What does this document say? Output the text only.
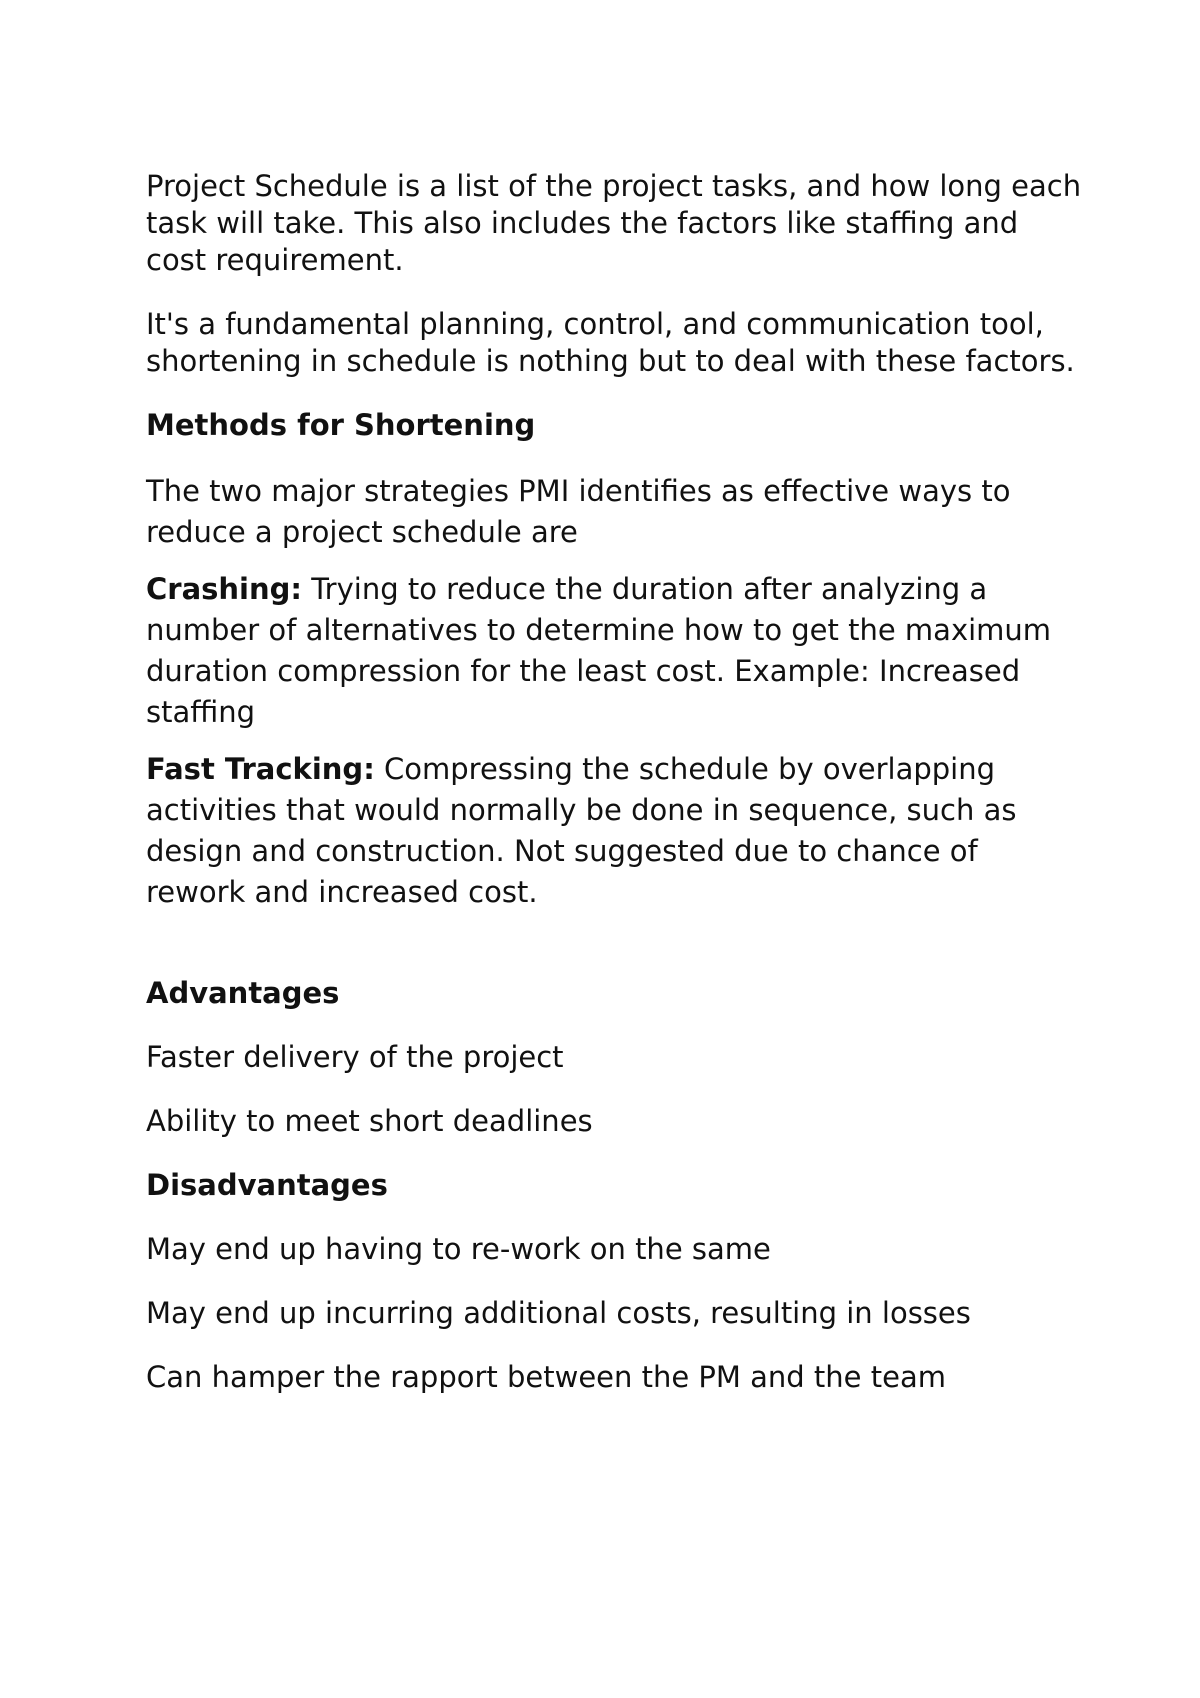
Project Schedule is a list of the project tasks, and how long each task will take. This also includes the factors like staffing and cost requirement.

It's a fundamental planning, control, and communication tool, shortening in schedule is nothing but to deal with these factors.

Methods for Shortening

The two major strategies PMI identifies as effective ways to reduce a project schedule are

Crashing: Trying to reduce the duration after analyzing a number of alternatives to determine how to get the maximum duration compression for the least cost. Example: Increased staffing

Fast Tracking: Compressing the schedule by overlapping activities that would normally be done in sequence, such as design and construction. Not suggested due to chance of rework and increased cost.

Advantages

Faster delivery of the project

Ability to meet short deadlines

Disadvantages

May end up having to re-work on the same

May end up incurring additional costs, resulting in losses

Can hamper the rapport between the PM and the team
